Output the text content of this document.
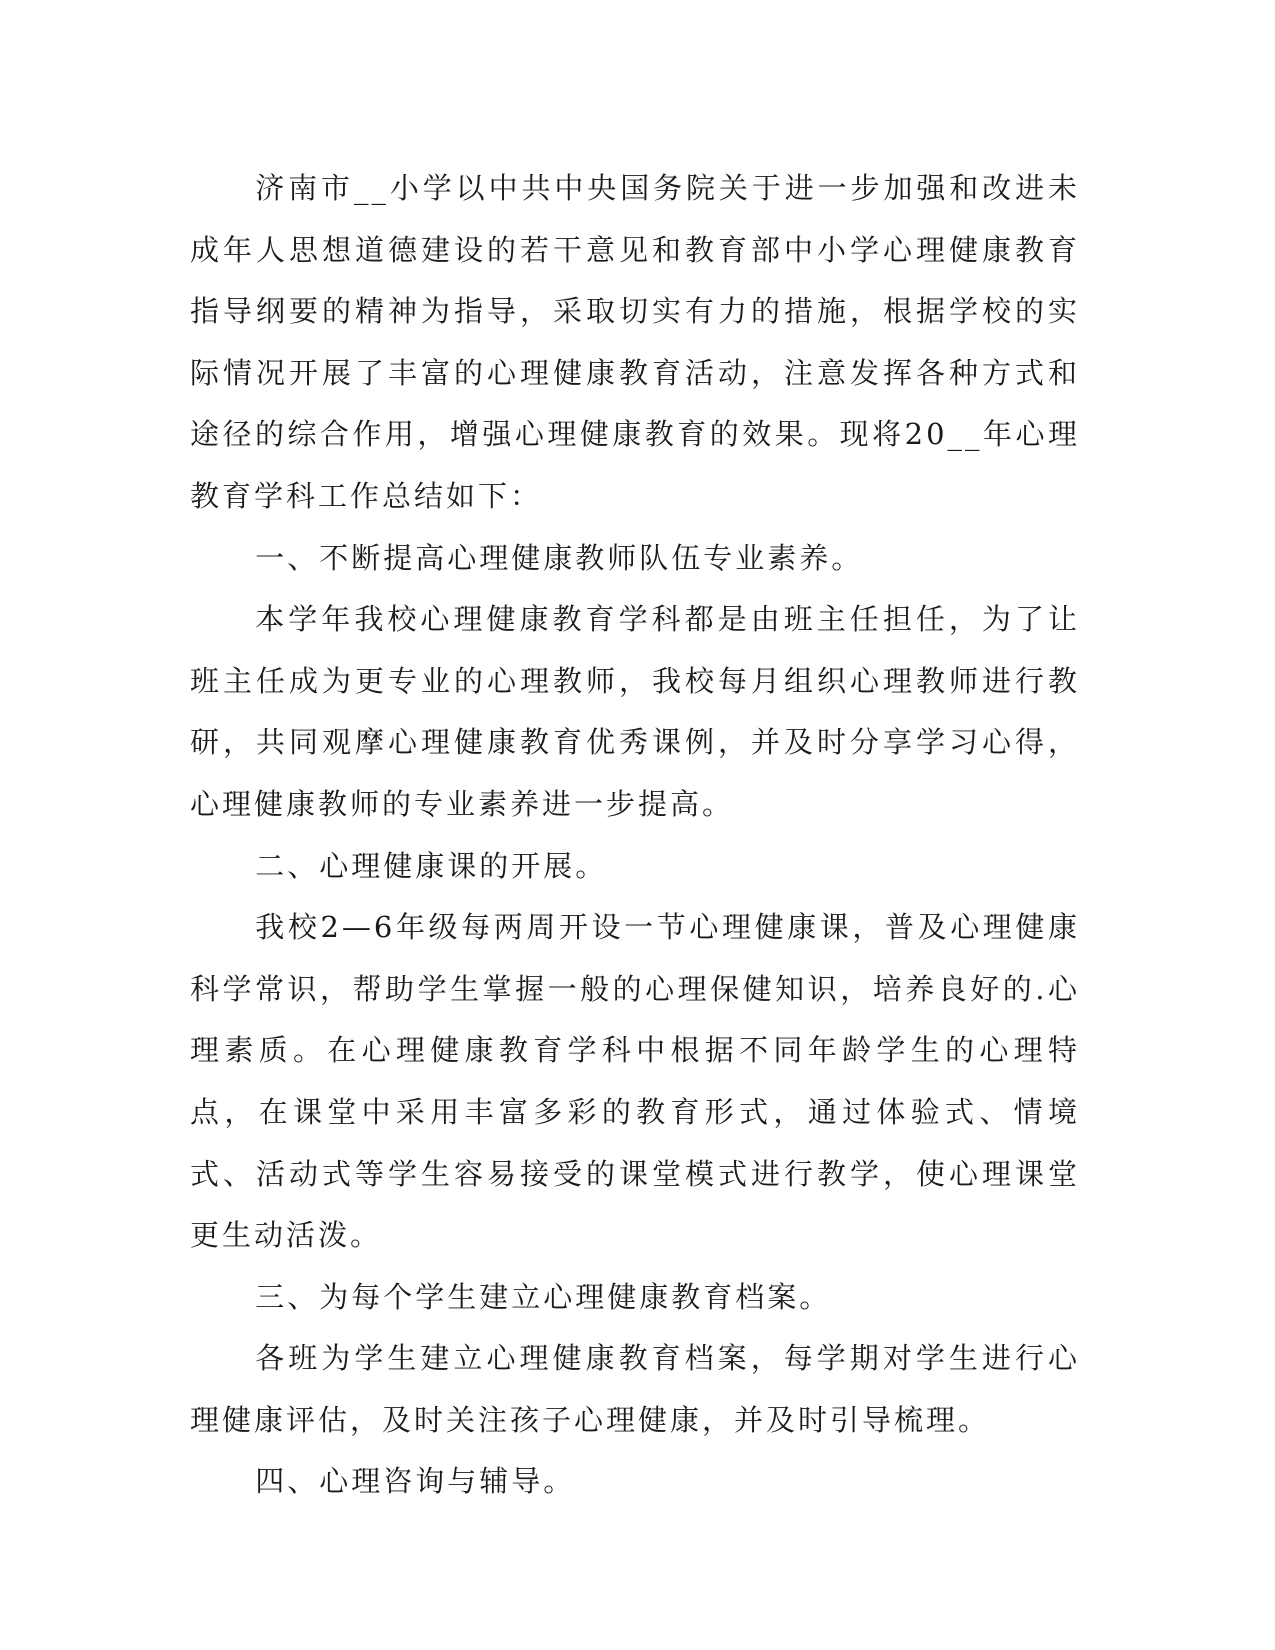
济南市__小学以中共中央国务院关于进一步加强和改进未成年人思想道德建设的若干意见和教育部中小学心理健康教育指导纲要的精神为指导，采取切实有力的措施，根据学校的实际情况开展了丰富的心理健康教育活动，注意发挥各种方式和途径的综合作用，增强心理健康教育的效果。现将20__年心理教育学科工作总结如下：

一、不断提高心理健康教师队伍专业素养。

本学年我校心理健康教育学科都是由班主任担任，为了让班主任成为更专业的心理教师，我校每月组织心理教师进行教研，共同观摩心理健康教育优秀课例，并及时分享学习心得，心理健康教师的专业素养进一步提高。

二、心理健康课的开展。

我校2—6年级每两周开设一节心理健康课，普及心理健康科学常识，帮助学生掌握一般的心理保健知识，培养良好的.心理素质。在心理健康教育学科中根据不同年龄学生的心理特点，在课堂中采用丰富多彩的教育形式，通过体验式、情境式、活动式等学生容易接受的课堂模式进行教学，使心理课堂更生动活泼。

三、为每个学生建立心理健康教育档案。

各班为学生建立心理健康教育档案，每学期对学生进行心理健康评估，及时关注孩子心理健康，并及时引导梳理。

四、心理咨询与辅导。
